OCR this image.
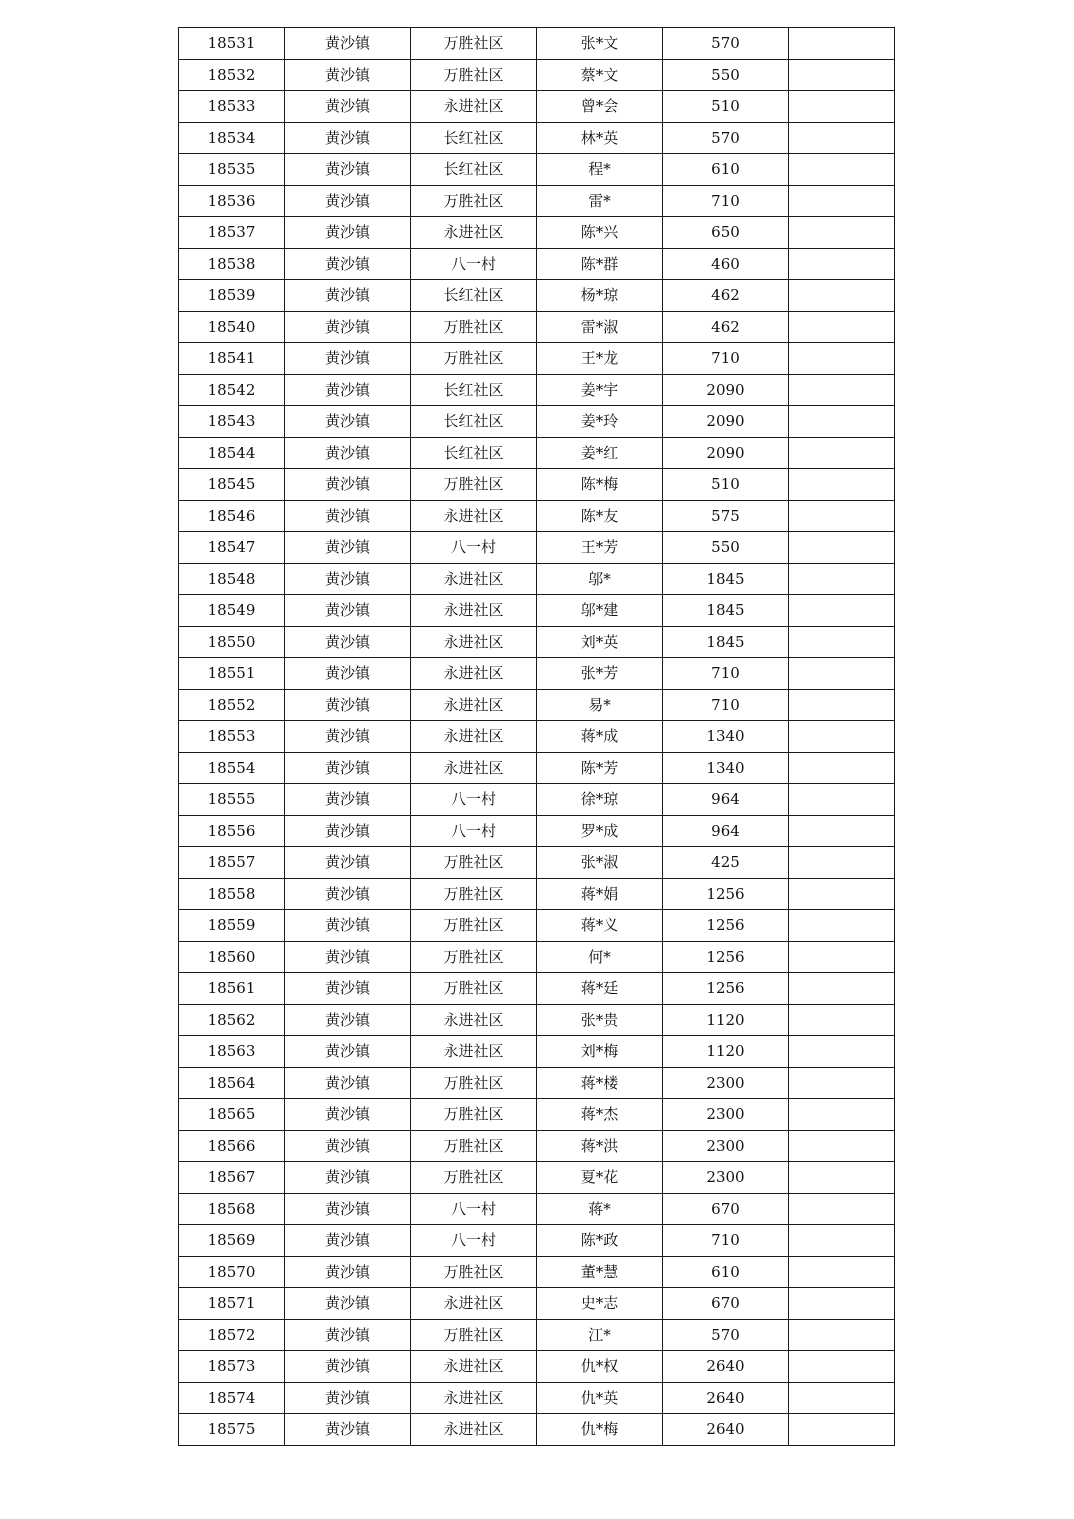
18531	黄沙镇	万胜社区	张*文	570	
18532	黄沙镇	万胜社区	蔡*文	550	
18533	黄沙镇	永进社区	曾*会	510	
18534	黄沙镇	长红社区	林*英	570	
18535	黄沙镇	长红社区	程*	610	
18536	黄沙镇	万胜社区	雷*	710	
18537	黄沙镇	永进社区	陈*兴	650	
18538	黄沙镇	八一村	陈*群	460	
18539	黄沙镇	长红社区	杨*琼	462	
18540	黄沙镇	万胜社区	雷*淑	462	
18541	黄沙镇	万胜社区	王*龙	710	
18542	黄沙镇	长红社区	姜*宇	2090	
18543	黄沙镇	长红社区	姜*玲	2090	
18544	黄沙镇	长红社区	姜*红	2090	
18545	黄沙镇	万胜社区	陈*梅	510	
18546	黄沙镇	永进社区	陈*友	575	
18547	黄沙镇	八一村	王*芳	550	
18548	黄沙镇	永进社区	邬*	1845	
18549	黄沙镇	永进社区	邬*建	1845	
18550	黄沙镇	永进社区	刘*英	1845	
18551	黄沙镇	永进社区	张*芳	710	
18552	黄沙镇	永进社区	易*	710	
18553	黄沙镇	永进社区	蒋*成	1340	
18554	黄沙镇	永进社区	陈*芳	1340	
18555	黄沙镇	八一村	徐*琼	964	
18556	黄沙镇	八一村	罗*成	964	
18557	黄沙镇	万胜社区	张*淑	425	
18558	黄沙镇	万胜社区	蒋*娟	1256	
18559	黄沙镇	万胜社区	蒋*义	1256	
18560	黄沙镇	万胜社区	何*	1256	
18561	黄沙镇	万胜社区	蒋*廷	1256	
18562	黄沙镇	永进社区	张*贵	1120	
18563	黄沙镇	永进社区	刘*梅	1120	
18564	黄沙镇	万胜社区	蒋*楼	2300	
18565	黄沙镇	万胜社区	蒋*杰	2300	
18566	黄沙镇	万胜社区	蒋*洪	2300	
18567	黄沙镇	万胜社区	夏*花	2300	
18568	黄沙镇	八一村	蒋*	670	
18569	黄沙镇	八一村	陈*政	710	
18570	黄沙镇	万胜社区	董*慧	610	
18571	黄沙镇	永进社区	史*志	670	
18572	黄沙镇	万胜社区	江*	570	
18573	黄沙镇	永进社区	仇*权	2640	
18574	黄沙镇	永进社区	仇*英	2640	
18575	黄沙镇	永进社区	仇*梅	2640	
